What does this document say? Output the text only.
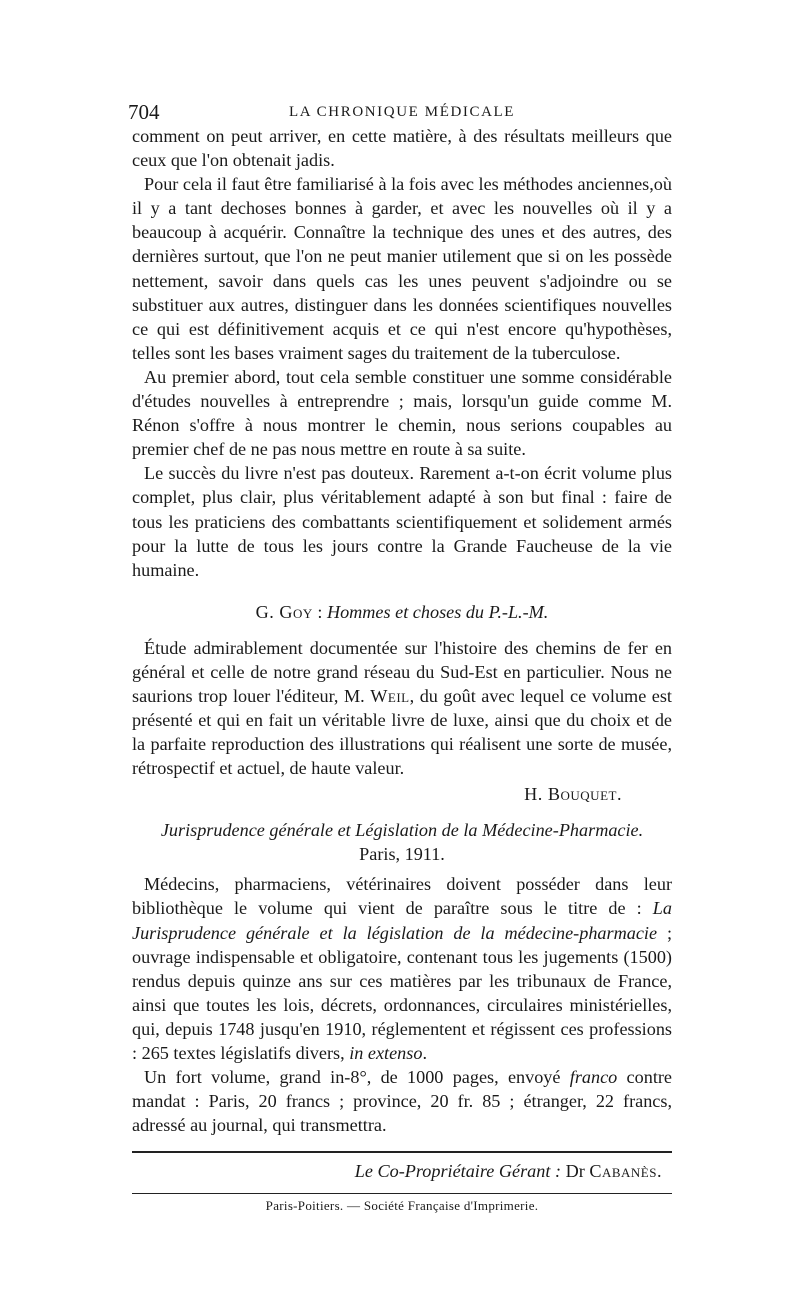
704	LA CHRONIQUE MÉDICALE

comment on peut arriver, en cette matière, à des résultats meilleurs que ceux que l'on obtenait jadis.

Pour cela il faut être familiarisé à la fois avec les méthodes anciennes,où il y a tant dechoses bonnes à garder, et avec les nouvelles où il y a beaucoup à acquérir. Connaître la technique des unes et des autres, des dernières surtout, que l'on ne peut manier utilement que si on les possède nettement, savoir dans quels cas les unes peuvent s'adjoindre ou se substituer aux autres, distinguer dans les données scientifiques nouvelles ce qui est définitivement acquis et ce qui n'est encore qu'hypothèses, telles sont les bases vraiment sages du traitement de la tuberculose.

Au premier abord, tout cela semble constituer une somme considérable d'études nouvelles à entreprendre ; mais, lorsqu'un guide comme M. Rénon s'offre à nous montrer le chemin, nous serions coupables au premier chef de ne pas nous mettre en route à sa suite.

Le succès du livre n'est pas douteux. Rarement a-t-on écrit volume plus complet, plus clair, plus véritablement adapté à son but final : faire de tous les praticiens des combattants scientifiquement et solidement armés pour la lutte de tous les jours contre la Grande Faucheuse de la vie humaine.

G. Goy : Hommes et choses du P.-L.-M.

Étude admirablement documentée sur l'histoire des chemins de fer en général et celle de notre grand réseau du Sud-Est en particulier. Nous ne saurions trop louer l'éditeur, M. Weil, du goût avec lequel ce volume est présenté et qui en fait un véritable livre de luxe, ainsi que du choix et de la parfaite reproduction des illustrations qui réalisent une sorte de musée, rétrospectif et actuel, de haute valeur.

H. Bouquet.
Jurisprudence générale et Législation de la Médecine-Pharmacie.
Paris, 1911.

Médecins, pharmaciens, vétérinaires doivent posséder dans leur bibliothèque le volume qui vient de paraître sous le titre de : La Jurisprudence générale et la législation de la médecine-pharmacie ; ouvrage indispensable et obligatoire, contenant tous les jugements (1500) rendus depuis quinze ans sur ces matières par les tribunaux de France, ainsi que toutes les lois, décrets, ordonnances, circulaires ministérielles, qui, depuis 1748 jusqu'en 1910, réglementent et régissent ces professions : 265 textes législatifs divers, in extenso.

Un fort volume, grand in-8°, de 1000 pages, envoyé franco contre mandat : Paris, 20 francs ; province, 20 fr. 85 ; étranger, 22 francs, adressé au journal, qui transmettra.

Le Co-Propriétaire Gérant : Dr Cabanès.
Paris-Poitiers. — Société Française d'Imprimerie.
